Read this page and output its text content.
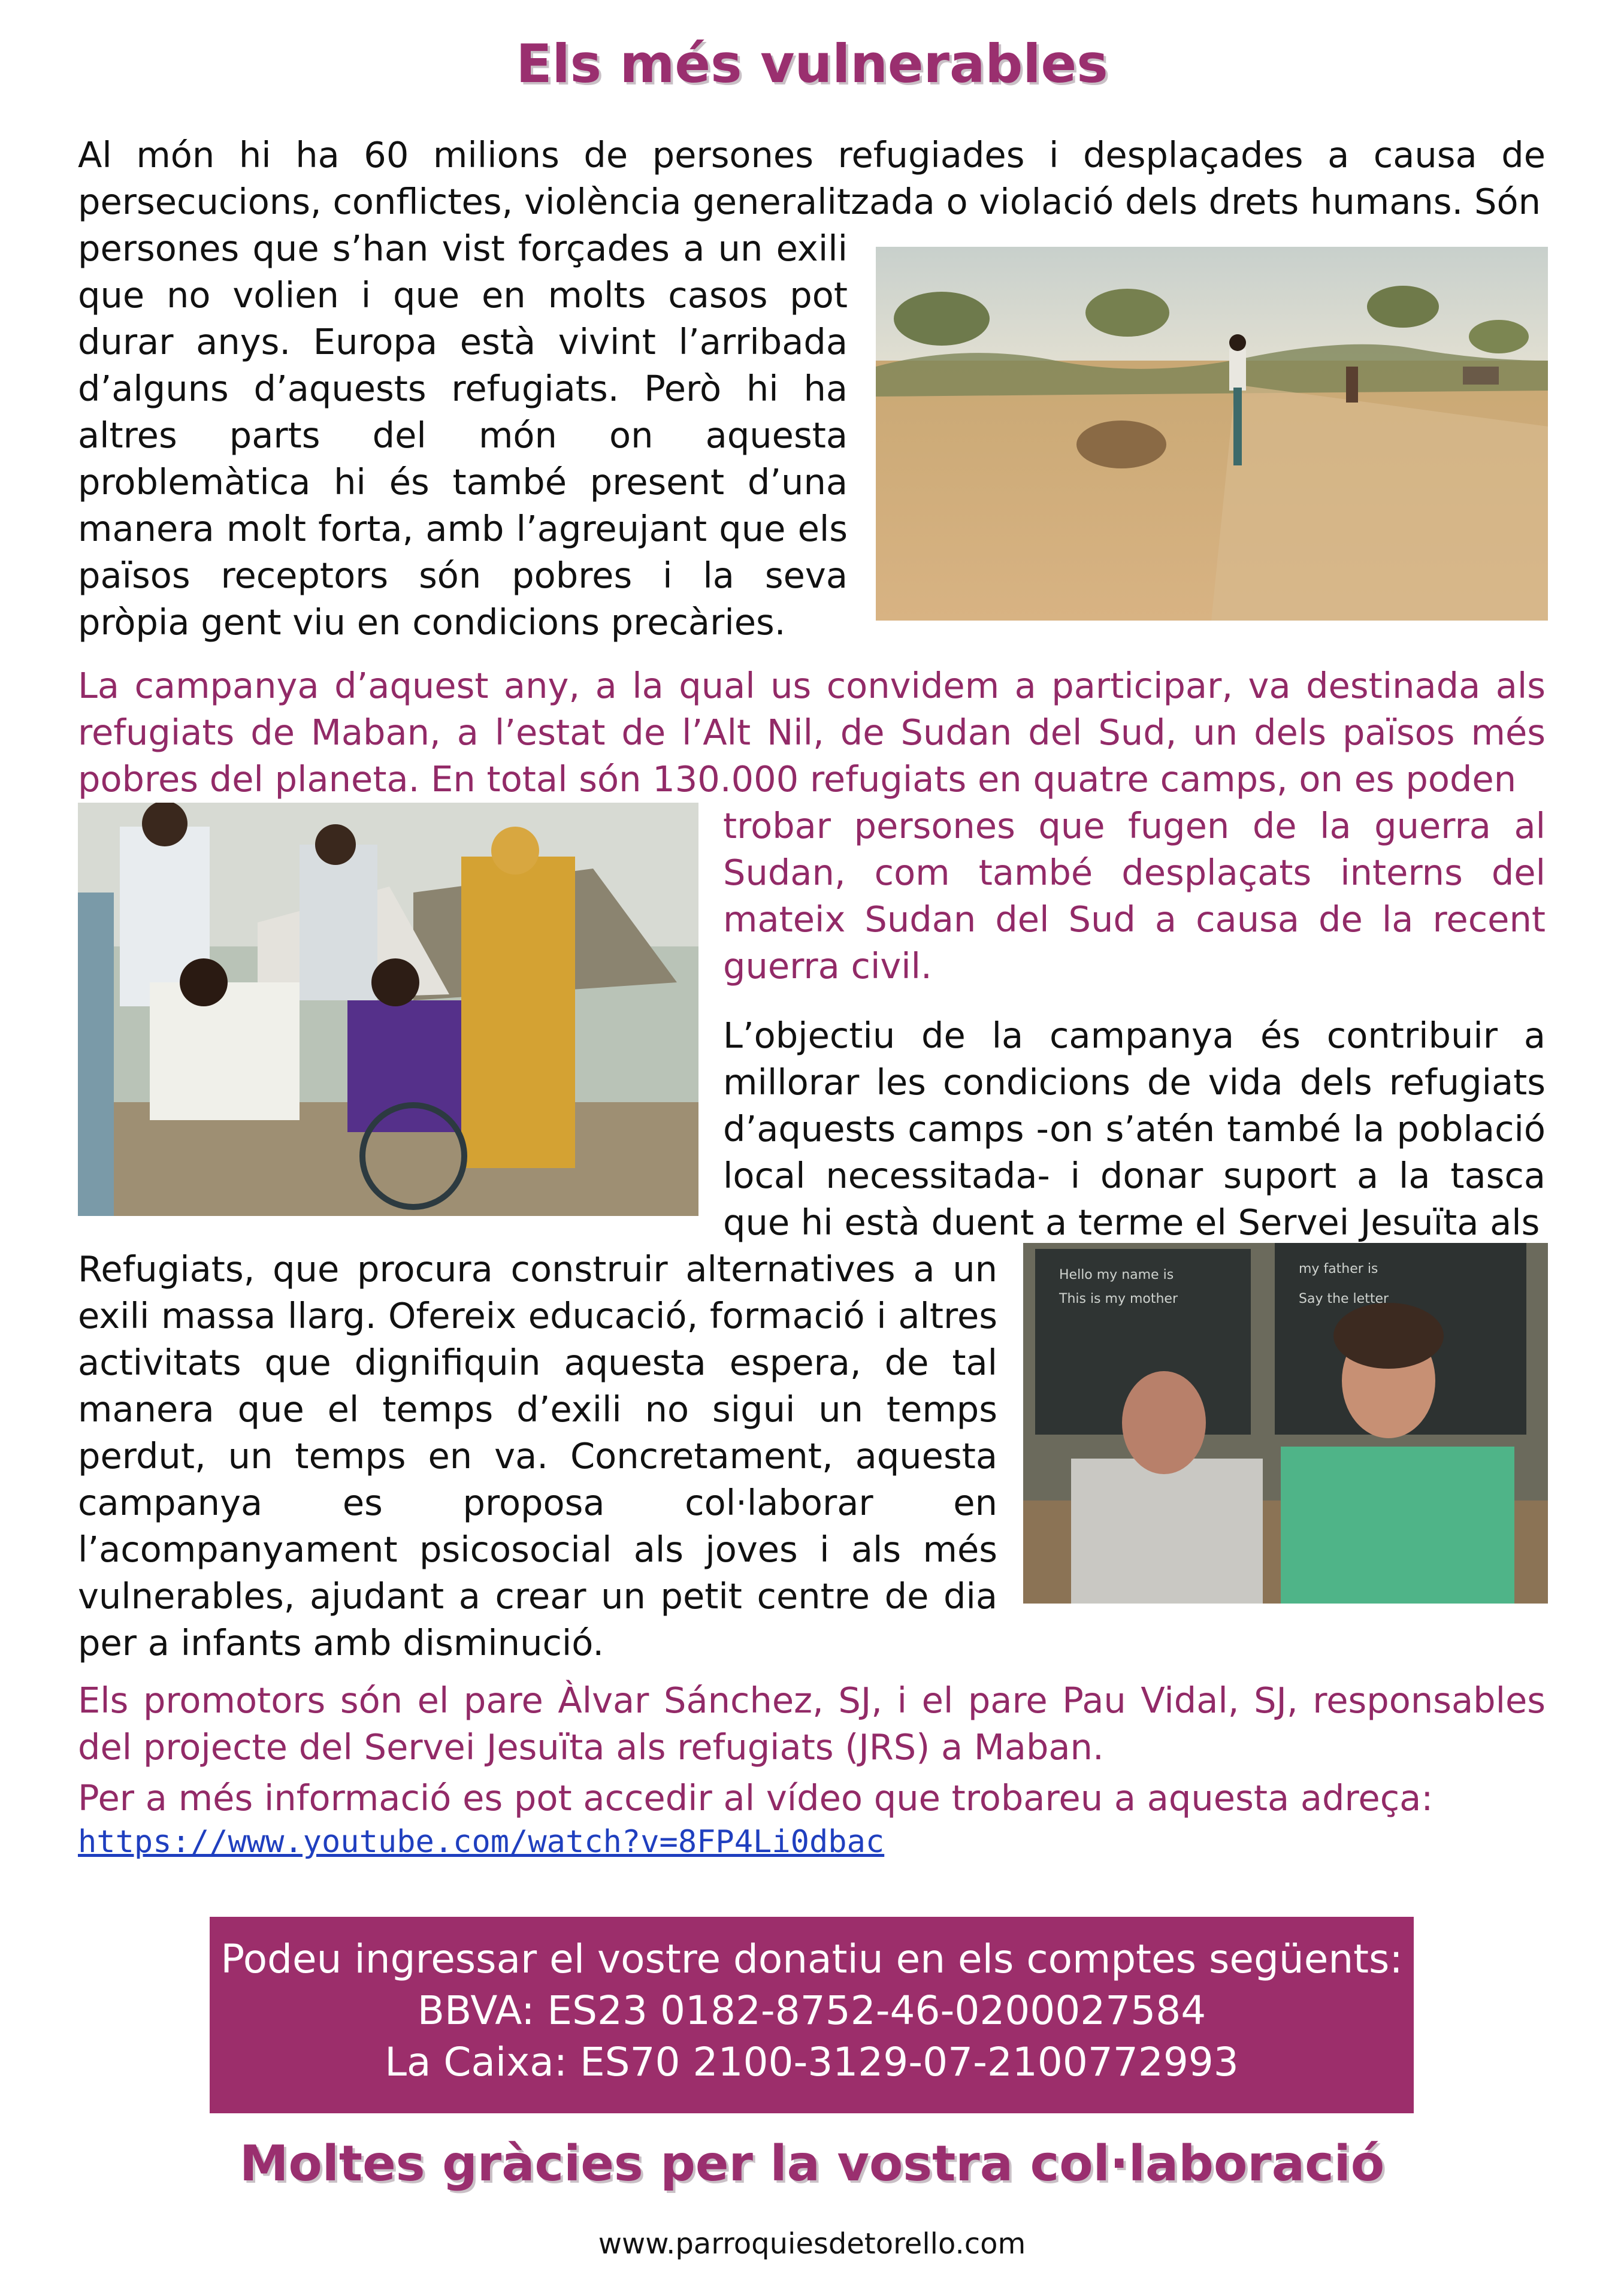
Els més vulnerables

Al món hi ha 60 milions de persones refugiades i desplaçades a causa de persecucions, conflictes, violència generalitzada o violació dels drets humans. Són

persones que s’han vist forçades a un exili que no volien i que en molts casos pot durar anys. Europa està vivint l’arribada d’alguns d’aquests refugiats. Però hi ha altres parts del món on aquesta problemàtica hi és també present d’una manera molt forta, amb l’agreujant que els països receptors són pobres i la seva pròpia gent viu en condicions precàries.

La campanya d’aquest any, a la qual us convidem a participar, va destinada als refugiats de Maban, a l’estat de l’Alt Nil, de Sudan del Sud, un dels països més pobres del planeta. En total són 130.000 refugiats en quatre camps, on es poden

trobar persones que fugen de la guerra al Sudan, com també desplaçats interns del mateix Sudan del Sud a causa de la recent guerra civil.

L’objectiu de la campanya és contribuir a millorar les condicions de vida dels refugiats d’aquests camps -on s’atén també la població local necessitada- i donar suport a la tasca que hi està duent a terme el Servei Jesuïta als

Refugiats, que procura construir alternatives a un exili massa llarg. Ofereix educació, formació i altres activitats que dignifiquin aquesta espera, de tal manera que el temps d’exili no sigui un temps perdut, un temps en va. Concretament, aquesta campanya es proposa col·laborar en l’acompanyament psicosocial als joves i als més vulnerables, ajudant a crear un petit centre de dia per a infants amb disminució.

Hello my name is
This is my mother
my father is
Say the letter

Els promotors són el pare Àlvar Sánchez, SJ, i el pare Pau Vidal, SJ, responsables del projecte del Servei Jesuïta als refugiats (JRS) a Maban.

Per a més informació es pot accedir al vídeo que trobareu a aquesta adreça:

https://www.youtube.com/watch?v=8FP4Li0dbac
Podeu ingressar el vostre donatiu en els comptes següents:
BBVA: ES23 0182-8752-46-0200027584
La Caixa: ES70 2100-3129-07-2100772993
Moltes gràcies per la vostra col·laboració
www.parroquiesdetorello.com
